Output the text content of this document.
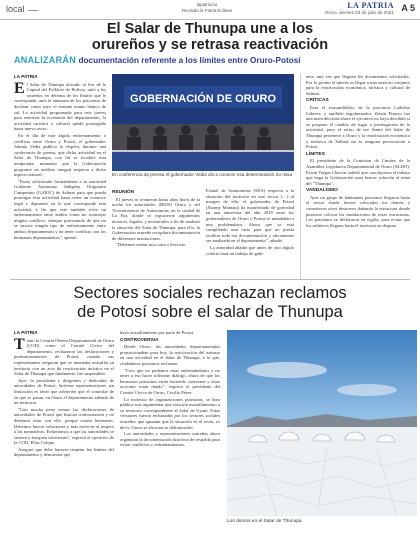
local	lapatria.bo
Revisalo la Patria Enlinea	LA PATRIA
Oruro, viernes 23 de julio de 2021 A 5
El Salar de Thunupa une a los
orureños y se retrasa reactivación
ANALIZARÁN documentación referente a los límites entre Oruro-Potosí
LA PATRIA
E l Salar de Thunupa ubicado al Sur de la Capital del Folklore de Bolivia, unió a los orureños en defensa de los límites que le corresponde, ante la amenaza de los potosinos de declarar como suyo el enorme manto blanco de sal. La actividad programada para este jueves para reactivar la economía del departamento, la actividad turística y cultural quedó postergada hasta nuevo aviso.

En el día de este álgido enfrentamiento o conflicto entre Oruro y Potosí, el gobernador Johnny Vedia publicó la víspera, durante una conferencia de prensa, que dicha actividad en el Salar de Thunupa, con fin se focalizó esta temporada, momento que la Gobernación programó un análisis integral respecto a dicho aspecto natural.

"Estoy solicitando formalmente a la autoridad Gobierno Autónomo Indígena Originario Campesino (GAIOC) de Salinas para que pueda postergar esta actividad hasta tener un contexto legal y depurado en lo que corresponde esta actividad, a fin que este también evite un enfrentamiento entre ambos como no aconsejar ningún conflicto, siempre procurando de que no se suscite ningún tipo de enfrentamiento entre ambos departamentos y no tener conflicto con los hermanos departamentos", apuntó.

GOBERNACIÓN DE ORURO
En conferencia de prensa el gobernador Vedia dio a conocer esa determinación Zu misa
REUNIÓN

El jueves se reunieron hasta altas horas de la noche los autoridades (RIOS) Oruro y del Viceministerio de Autonomías, en la ciudad de La Paz, donde se expusieron argumentos técnicos, legales, y territoriales a fin de analizar la situación del Salar de Thunupa, para ello, la Gobernación orureña recopilará documentación de diferentes instituciones.

"Debemos enviar una carta a Servicio

Estatal de Autonomías (SEA) respecto a la situación del territorio en este sector (…) al margen de ello, el gobernador de Potosí (Jhonny Mamani) ha manifestado de gravedad en una entrevista del año 2018 entre los gobernadores de Oruro y Potosí se mandaban a una problemática. Ahora que se está cumpliendo una carta para que no pueda facilitar toda esa documentación y obviamente ser analizada en el departamento", añadió.

La autoridad añadió que antes de otro álgido criterio hará un trabajo de gabi-

nete, una vez que lleguen los documentos solicitados. Por lo pronto el interés es llegar a una tarea en conjunto para la reactivación económica, turística y cultural de Salinas.

CRÍTICAS

Para el exasambleísta de la provincia Ladislao Cabrera, y también exgobernador, Zenón Pizarro fue una mala decisión ahora el ejecutivo no haya decidido si se pospone el cambio de lugar o postergación de la actividad, pues el retiro de ese límite del Salar de Thunupa pertenece a Oruro y la reactivación económica y turística de Salinas no es ninguna provocación a Potosí.

LÍMITES

El presidente de la Comisión de Límites de la Asamblea Legislativa Departamental de Oruro (ALDO), Erwin Vargas Chacón, señaló que concluyeron el trabajo que haga la Gobernación para buscar solución al tema del "Thunupa".

VANDALISMO

Ayer un grupo de habitantes potosinos llegaron hasta el sector donde fueron colocados los domos y cometieron otros destrozos dañando la estructura donde pusieron colocar las instalaciones de estas estructuras. Los potosinos se declararon en vigilia, para evitar que los salineros lleguen hasta el territorio en disputa.

Sectores sociales rechazan reclamos
de Potosí sobre el salar de Thunupa
LA PATRIA
T anto la Central Obrera Departamental de Oruro (COD) como el Comité Cívico del departamento, rechazaron las declaraciones y pronunciamientos de Potosí, cuando sus representantes aseguran que se intentaba avasallar su territorio con un acto de reactivación turística en el Salar de Thunupa que finalmente, fue suspendido.

Ayer, la presidenta y dirigentes y dedicados de autoridades de Potosí, hicieron representaciones sin limitación es tener que advierten que el controlar de su que se pasan, en Oruro el departamento además de un territorio.

"Con mucha pena vemos las declaraciones de autoridades de Potosí que buscan confrontación y no debemos estar con ello, porque somos hermanos. Debemos buscar soluciones y mas estén en el respeto a las normativas. Exhortamos a que las autoridades se sienten y busquen soluciones", expresó el ejecutivo de la COD, Elías Colque.

Aseguró que debe hacerse respetar los límites del departamento y demuestra que

haya avasallamiento por parte de Potosí.

CONTROVERSIA

Desde Oruro, las autoridades departamentales promocionaban para hoy, la reactivación del turismo en una actividad en el Salar de Thunupa, a lo que, ciudadanos potosinos reclaman.

"Creo que no podemos estar enfrentándonos y no tener a eso hacer tolerante diálogo, ahora de que los hermanos potosinos están haciendo caravanas y otras acciones están dando", expresó el presidente del Comité Cívico de Oruro, Cecilio Pérez.

La molestia de organizaciones potosinas, se hizo pública tras argumentar que existiría avasallamiento a su territorio correspondiente al Salar de Uyuni. Estas versiones fueron rechazadas por los sectores sociales orureños que apuntan que la situación es al revés, es decir, Oruro se aficiona su delimitación.

Los autoridades y representaciones orureñas ahora organizan la documentación histórica de respaldo para evitar conflictos y enfrentamientos.

Los domos en el Salar de Thunupa
